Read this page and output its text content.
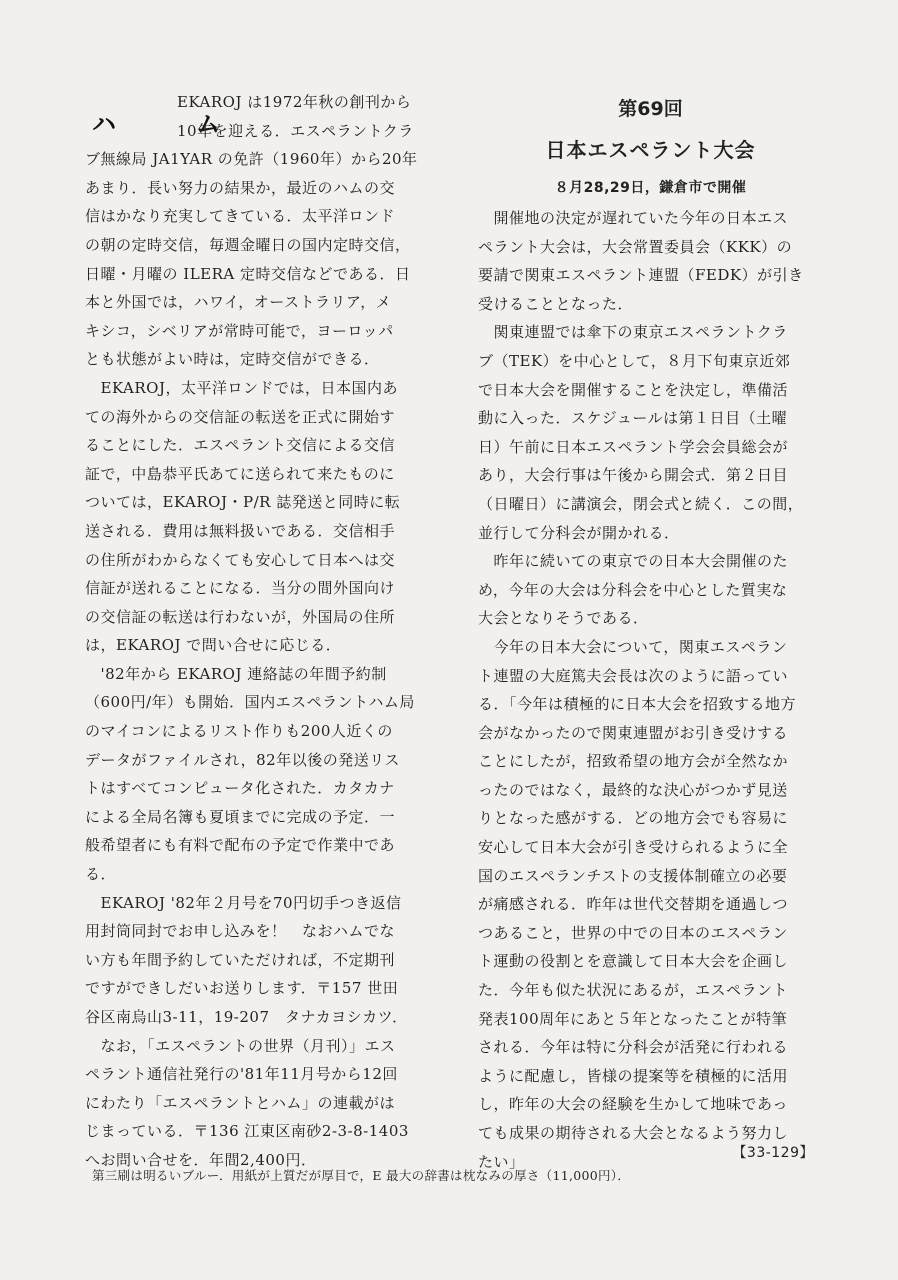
ハ　ム
EKAROJ は1972年秋の創刊から
10年を迎える．エスペラントクラ
ブ無線局 JA1YAR の免許（1960年）から20年
あまり．長い努力の結果か，最近のハムの交
信はかなり充実してきている．太平洋ロンド
の朝の定時交信，毎週金曜日の国内定時交信，
日曜・月曜の ILERA 定時交信などである．日
本と外国では，ハワイ，オーストラリア，メ
キシコ，シベリアが常時可能で，ヨーロッパ
とも状態がよい時は，定時交信ができる．
　EKAROJ，太平洋ロンドでは，日本国内あ
ての海外からの交信証の転送を正式に開始す
ることにした．エスペラント交信による交信
証で，中島恭平氏あてに送られて来たものに
ついては，EKAROJ・P/R 誌発送と同時に転
送される．費用は無料扱いである．交信相手
の住所がわからなくても安心して日本へは交
信証が送れることになる．当分の間外国向け
の交信証の転送は行わないが，外国局の住所
は，EKAROJ で問い合せに応じる．
　'82年から EKAROJ 連絡誌の年間予約制
（600円/年）も開始．国内エスペラントハム局
のマイコンによるリスト作りも200人近くの
データがファイルされ，82年以後の発送リス
トはすべてコンピュータ化された．カタカナ
による全局名簿も夏頃までに完成の予定．一
般希望者にも有料で配布の予定で作業中であ
る．
　EKAROJ '82年２月号を70円切手つき返信
用封筒同封でお申し込みを！　なおハムでな
い方も年間予約していただければ，不定期刊
ですができしだいお送りします．〒157 世田
谷区南烏山3-11，19-207　タナカヨシカツ．
　なお，「エスペラントの世界（月刊）」エス
ペラント通信社発行の'81年11月号から12回
にわたり「エスペラントとハム」の連載がは
じまっている．〒136 江東区南砂2-3-8-1403
へお問い合せを．年間2,400円．
第69回
日本エスペラント大会
８月28,29日，鎌倉市で開催
　開催地の決定が遅れていた今年の日本エス
ペラント大会は，大会常置委員会（KKK）の
要請で関東エスペラント連盟（FEDK）が引き
受けることとなった．
　関東連盟では傘下の東京エスペラントクラ
ブ（TEK）を中心として，８月下旬東京近郊
で日本大会を開催することを決定し，準備活
動に入った．スケジュールは第１日目（土曜
日）午前に日本エスペラント学会会員総会が
あり，大会行事は午後から開会式．第２日目
（日曜日）に講演会，閉会式と続く．この間，
並行して分科会が開かれる．
　昨年に続いての東京での日本大会開催のた
め，今年の大会は分科会を中心とした質実な
大会となりそうである．
　今年の日本大会について，関東エスペラン
ト連盟の大庭篤夫会長は次のように語ってい
る．「今年は積極的に日本大会を招致する地方
会がなかったので関東連盟がお引き受けする
ことにしたが，招致希望の地方会が全然なか
ったのではなく，最終的な決心がつかず見送
りとなった感がする．どの地方会でも容易に
安心して日本大会が引き受けられるように全
国のエスペランチストの支援体制確立の必要
が痛感される．昨年は世代交替期を通過しつ
つあること，世界の中での日本のエスペラン
ト運動の役割とを意識して日本大会を企画し
た．今年も似た状況にあるが，エスペラント
発表100周年にあと５年となったことが特筆
される．今年は特に分科会が活発に行われる
ように配慮し，皆様の提案等を積極的に活用
し，昨年の大会の経験を生かして地味であっ
ても成果の期待される大会となるよう努力し
たい」	【33-129】
第三刷は明るいブルー．用紙が上質だが厚目で，E 最大の辞書は枕なみの厚さ（11,000円）．
